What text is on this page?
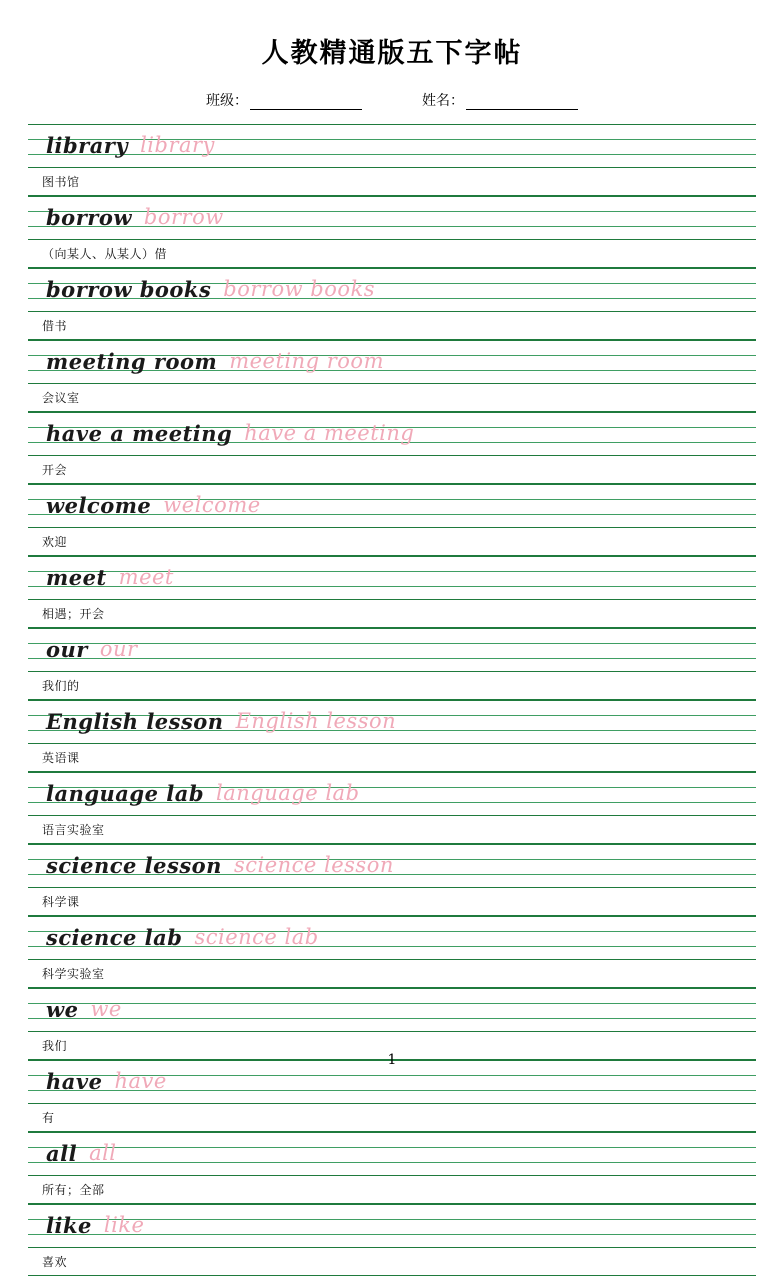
人教精通版五下字帖
班级：	姓名：
library library
图书馆
borrow borrow
（向某人、从某人）借
borrow books borrow books
借书
meeting room meeting room
会议室
have a meeting have a meeting
开会
welcome welcome
欢迎
meet meet
相遇；开会
our our
我们的
English lesson English lesson
英语课
language lab language lab
语言实验室
science lesson science lesson
科学课
science lab science lab
科学实验室
we we
我们
have have
有
all all
所有；全部
like like
喜欢
1
